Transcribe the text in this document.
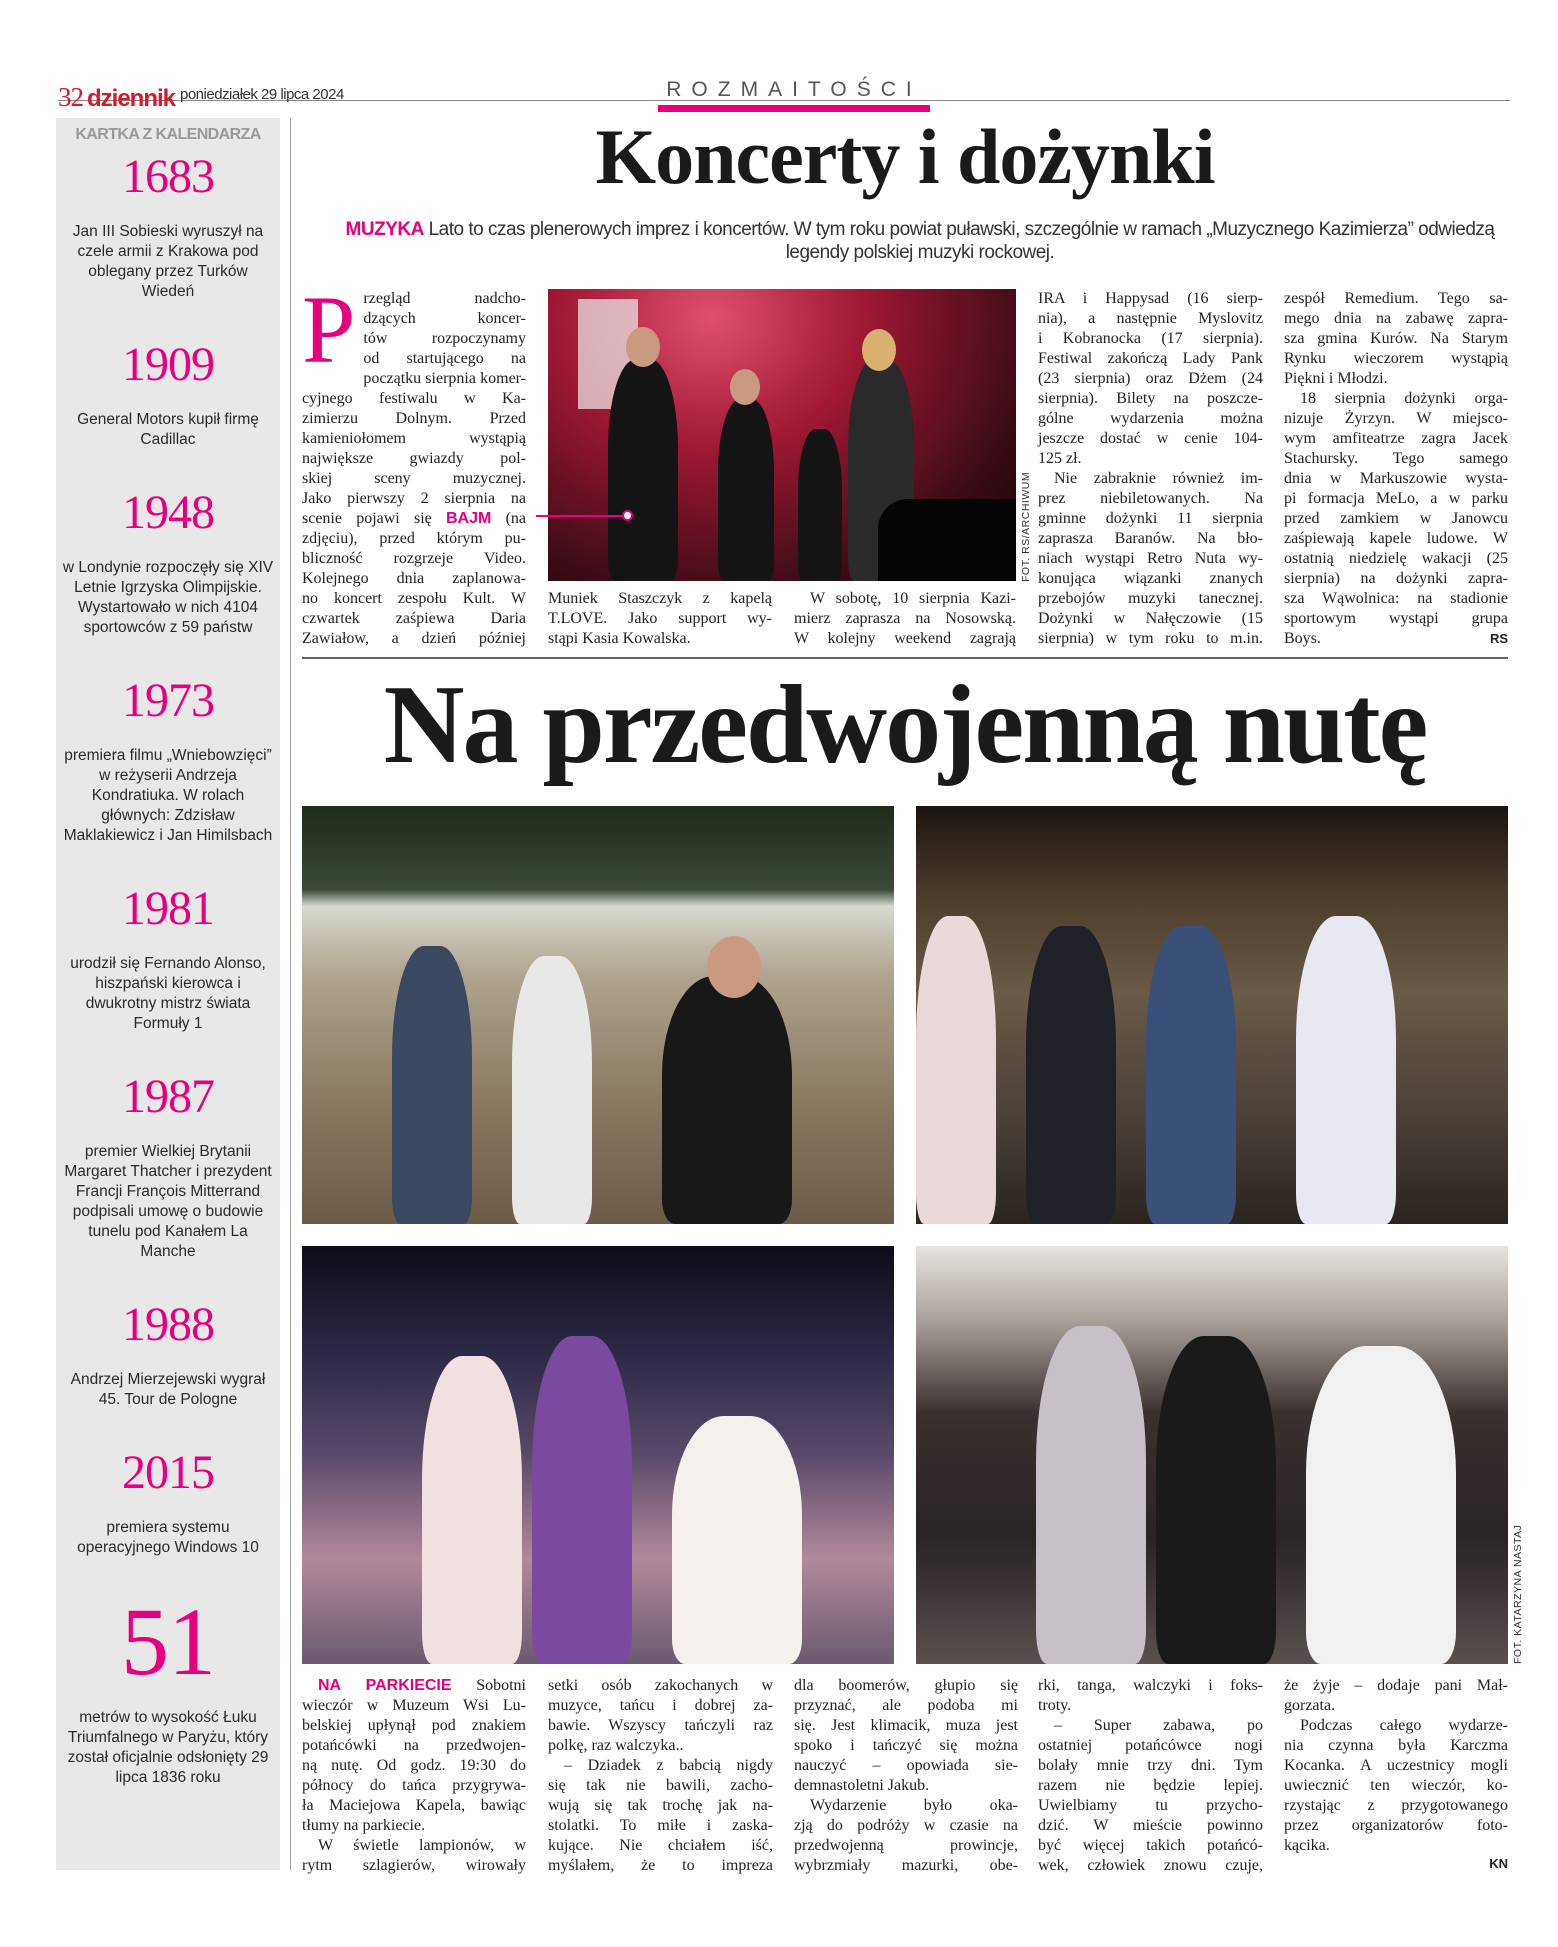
32 dziennik poniedziałek 29 lipca 2024	ROZMAITOŚCI
KARTKA Z KALENDARZA
1683
Jan III Sobieski wyruszył na czele armii z Krakowa pod oblegany przez Turków Wiedeń
1909
General Motors kupił firmę Cadillac
1948
w Londynie rozpoczęły się XIV Letnie Igrzyska Olimpijskie. Wystartowało w nich 4104 sportowców z 59 państw
1973
premiera filmu „Wniebowzięci” w reżyserii Andrzeja Kondratiuka. W rolach głównych: Zdzisław Maklakiewicz i Jan Himilsbach
1981
urodził się Fernando Alonso, hiszpański kierowca i dwukrotny mistrz świata Formuły 1
1987
premier Wielkiej Brytanii Margaret Thatcher i prezydent Francji François Mitterrand podpisali umowę o budowie tunelu pod Kanałem La Manche
1988
Andrzej Mierzejewski wygrał 45. Tour de Pologne
2015
premiera systemu operacyjnego Windows 10
51
metrów to wysokość Łuku Triumfalnego w Paryżu, który został oficjalnie odsłonięty 29 lipca 1836 roku
Koncerty i dożynki

MUZYKA Lato to czas plenerowych imprez i koncertów. W tym roku powiat puławski, szczególnie w ramach „Muzycznego Kazimierza” odwiedzą legendy polskiej muzyki rockowej.

P rzegląd nadcho-
dzących koncer-
tów rozpoczynamy
od startującego na
początku sierpnia komer-
cyjnego festiwalu w Ka-
zimierzu Dolnym. Przed
kamieniołomem wystąpią
największe gwiazdy pol-
skiej sceny muzycznej.
Jako pierwszy 2 sierpnia na
scenie pojawi się BAJM (na
zdjęciu), przed którym pu-
bliczność rozgrzeje Video.
Kolejnego dnia zaplanowa-
no koncert zespołu Kult. W
czwartek zaśpiewa Daria
Zawiałow, a dzień później
FOT. RS/ARCHIWUM
Muniek Staszczyk z kapelą
T.LOVE. Jako support wy-
stąpi Kasia Kowalska.
W sobotę, 10 sierpnia Kazi-
mierz zaprasza na Nosowską.
W kolejny weekend zagrają
IRA i Happysad (16 sierp-
nia), a następnie Myslovitz
i Kobranocka (17 sierpnia).
Festiwal zakończą Lady Pank
(23 sierpnia) oraz Dżem (24
sierpnia). Bilety na poszcze-
gólne wydarzenia można
jeszcze dostać w cenie 104-
125 zł.
Nie zabraknie również im-
prez niebiletowanych. Na
gminne dożynki 11 sierpnia
zaprasza Baranów. Na bło-
niach wystąpi Retro Nuta wy-
konująca wiązanki znanych
przebojów muzyki tanecznej.
Dożynki w Nałęczowie (15
sierpnia) w tym roku to m.in.
zespół Remedium. Tego sa-
mego dnia na zabawę zapra-
sza gmina Kurów. Na Starym
Rynku wieczorem wystąpią
Piękni i Młodzi.
18 sierpnia dożynki orga-
nizuje Żyrzyn. W miejsco-
wym amfiteatrze zagra Jacek
Stachursky. Tego samego
dnia w Markuszowie wysta-
pi formacja MeLo, a w parku
przed zamkiem w Janowcu
zaśpiewają kapele ludowe. W
ostatnią niedzielę wakacji (25
sierpnia) na dożynki zapra-
sza Wąwolnica: na stadionie
sportowym wystąpi grupa
Boys.	RS
Na przedwojenną nutę
FOT. KATARZYNA NASTAJ
NA PARKIECIE Sobotni
wieczór w Muzeum Wsi Lu-
belskiej upłynął pod znakiem
potańcówki na przedwojen-
ną nutę. Od godz. 19:30 do
północy do tańca przygrywa-
ła Maciejowa Kapela, bawiąc
tłumy na parkiecie.
W świetle lampionów, w
rytm szlagierów, wirowały
setki osób zakochanych w
muzyce, tańcu i dobrej za-
bawie. Wszyscy tańczyli raz
polkę, raz walczyka..
– Dziadek z babcią nigdy
się tak nie bawili, zacho-
wują się tak trochę jak na-
stolatki. To miłe i zaska-
kujące. Nie chciałem iść,
myślałem, że to impreza
dla boomerów, głupio się
przyznać, ale podoba mi
się. Jest klimacik, muza jest
spoko i tańczyć się można
nauczyć – opowiada sie-
demnastoletni Jakub.
Wydarzenie było oka-
zją do podróży w czasie na
przedwojenną prowincje,
wybrzmiały mazurki, obe-
rki, tanga, walczyki i foks-
troty.
– Super zabawa, po
ostatniej potańcówce nogi
bolały mnie trzy dni. Tym
razem nie będzie lepiej.
Uwielbiamy tu przycho-
dzić. W mieście powinno
być więcej takich potańcó-
wek, człowiek znowu czuje,
że żyje – dodaje pani Mał-
gorzata.
Podczas całego wydarze-
nia czynna była Karczma
Kocanka. A uczestnicy mogli
uwiecznić ten wieczór, ko-
rzystając z przygotowanego
przez organizatorów foto-
kącika.
KN
